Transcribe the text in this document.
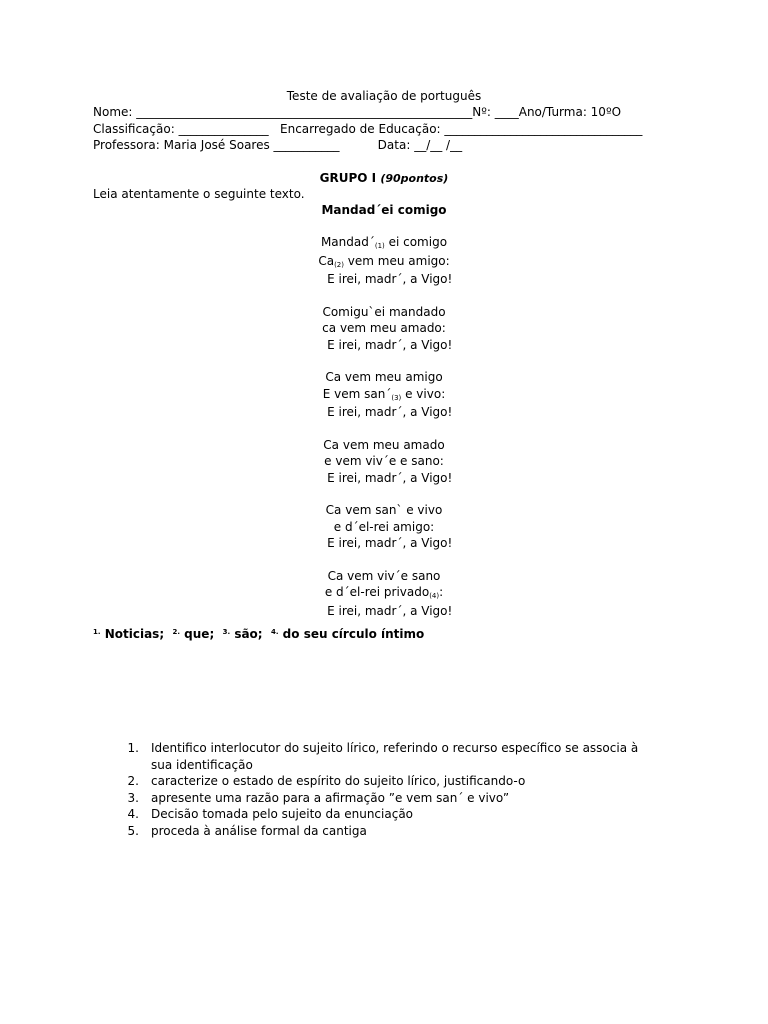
Teste de avaliação de português
Nome: ________________________________________________________Nº: ____Ano/Turma: 10ºO
Classificação: _______________   Encarregado de Educação: _________________________________
Professora: Maria José Soares ___________          Data: __/__ /__
GRUPO I (90pontos)
Leia atentamente o seguinte texto.
Mandad´ei comigo
$Mandad´_{(1)}$ ei comigo
$Ca_{(2)}$ vem meu amigo:
E irei, madr´, a Vigo!
Comigu`ei mandado
ca vem meu amado:
E irei, madr´, a Vigo!
Ca vem meu amigo
E vem $san´_{(3)}$ e vivo:
E irei, madr´, a Vigo!
Ca vem meu amado
e vem viv´e e sano:
E irei, madr´, a Vigo!
Ca vem san` e vivo
e d´el-rei amigo:
E irei, madr´, a Vigo!
Ca vem viv´e sano
e d´el-rei privado$_{(4)}$:
E irei, madr´, a Vigo!
$^{1.}$ Noticias;  $^{2.}$ que;  $^{3.}$ são;  $^{4.}$ do seu círculo íntimo
1. Identifico interlocutor do sujeito lírico, referindo o recurso específico se associa à sua identificação
2. caracterize o estado de espírito do sujeito lírico, justificando-o
3. apresente uma razão para a afirmação ”e vem san´ e vivo”
4. Decisão tomada pelo sujeito da enunciação
5. proceda à análise formal da cantiga
